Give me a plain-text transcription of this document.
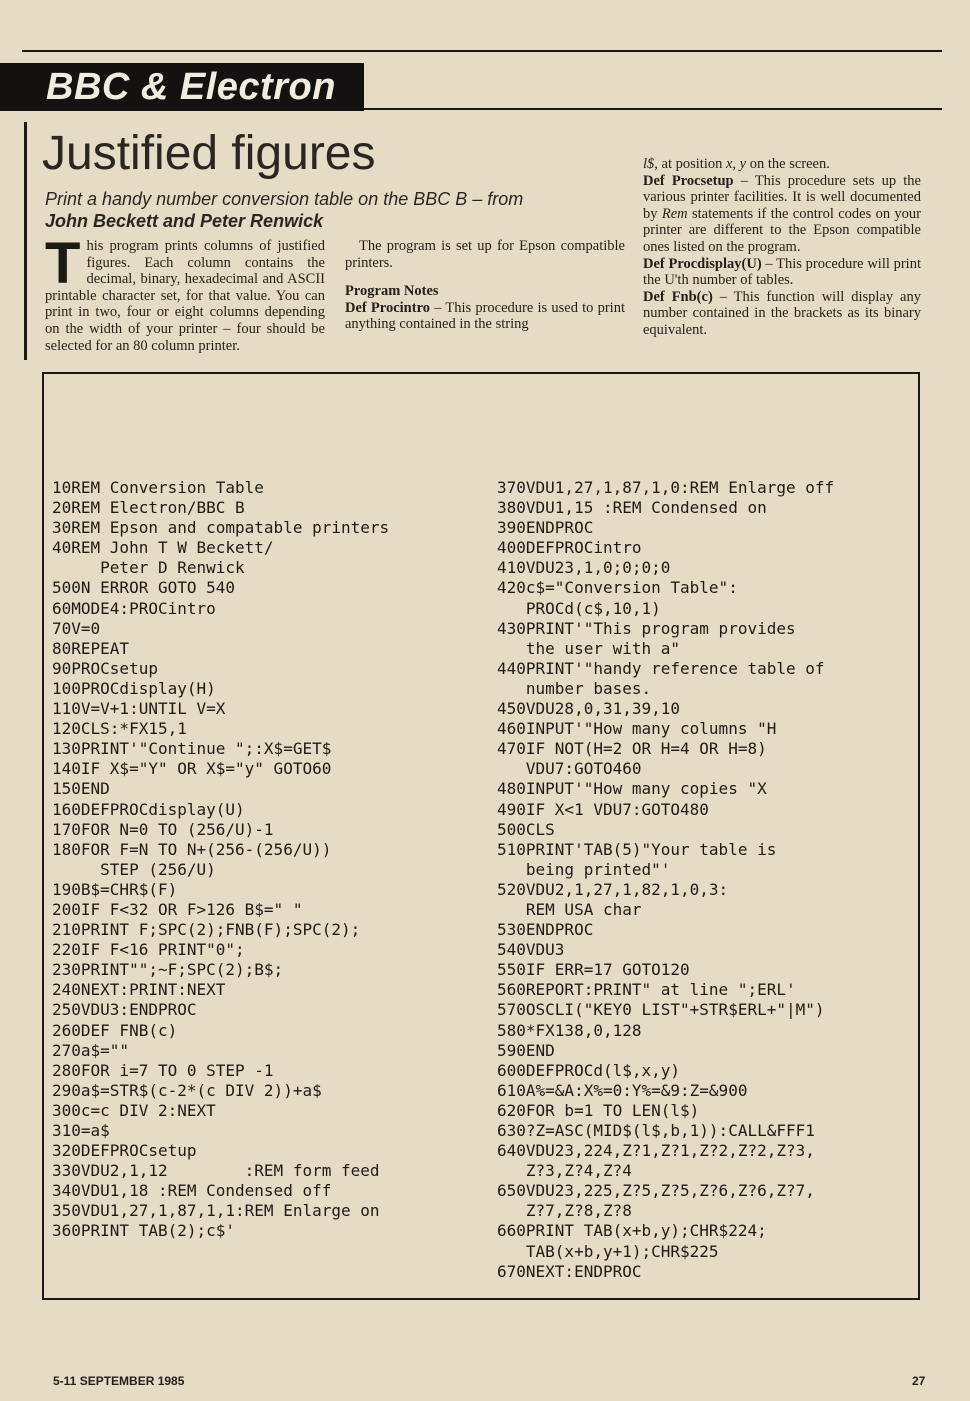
BBC & Electron
Justified figures
Print a handy number conversion table on the BBC B – from
John Beckett and Peter Renwick

This program prints columns of justified figures. Each column contains the decimal, binary, hexadecimal and ASCII printable character set, for that value. You can print in two, four or eight columns depending on the width of your printer – four should be selected for an 80 column printer.

The program is set up for Epson compatible printers.

Program Notes

Def Procintro – This procedure is used to print anything contained in the string

l$, at position x, y on the screen.

Def Procsetup – This procedure sets up the various printer facilities. It is well documented by Rem statements if the control codes on your printer are different to the Epson compatible ones listed on the program.

Def Procdisplay(U) – This procedure will print the U'th number of tables.

Def Fnb(c) – This function will display any number contained in the brackets as its binary equivalent.

10REM Conversion Table
20REM Electron/BBC B
30REM Epson and compatable printers
40REM John T W Beckett/
Peter D Renwick
500N ERROR GOTO 540
60MODE4:PROCintro
70V=0
80REPEAT
90PROCsetup
100PROCdisplay(H)
110V=V+1:UNTIL V=X
120CLS:*FX15,1
130PRINT'"Continue ";:X$=GET$
140IF X$="Y" OR X$="y" GOTO60
150END
160DEFPROCdisplay(U)
170FOR N=0 TO (256/U)-1
180FOR F=N TO N+(256-(256/U))
STEP (256/U)
190B$=CHR$(F)
200IF F<32 OR F>126 B$=" "
210PRINT F;SPC(2);FNB(F);SPC(2);
220IF F<16 PRINT"0";
230PRINT"";~F;SPC(2);B$;
240NEXT:PRINT:NEXT
250VDU3:ENDPROC
260DEF FNB(c)
270a$=""
280FOR i=7 TO 0 STEP -1
290a$=STR$(c-2*(c DIV 2))+a$
300c=c DIV 2:NEXT
310=a$
320DEFPROCsetup
330VDU2,1,12        :REM form feed
340VDU1,18 :REM Condensed off
350VDU1,27,1,87,1,1:REM Enlarge on
360PRINT TAB(2);c$'
370VDU1,27,1,87,1,0:REM Enlarge off
380VDU1,15 :REM Condensed on
390ENDPROC
400DEFPROCintro
410VDU23,1,0;0;0;0
420c$="Conversion Table":
PROCd(c$,10,1)
430PRINT'"This program provides
the user with a"
440PRINT'"handy reference table of
number bases.
450VDU28,0,31,39,10
460INPUT'"How many columns "H
470IF NOT(H=2 OR H=4 OR H=8)
VDU7:GOTO460
480INPUT'"How many copies "X
490IF X<1 VDU7:GOTO480
500CLS
510PRINT'TAB(5)"Your table is
being printed"'
520VDU2,1,27,1,82,1,0,3:
REM USA char
530ENDPROC
540VDU3
550IF ERR=17 GOTO120
560REPORT:PRINT" at line ";ERL'
570OSCLI("KEY0 LIST"+STR$ERL+"|M")
580*FX138,0,128
590END
600DEFPROCd(l$,x,y)
610A%=&A:X%=0:Y%=&9:Z=&900
620FOR b=1 TO LEN(l$)
630?Z=ASC(MID$(l$,b,1)):CALL&FFF1
640VDU23,224,Z?1,Z?1,Z?2,Z?2,Z?3,
Z?3,Z?4,Z?4
650VDU23,225,Z?5,Z?5,Z?6,Z?6,Z?7,
Z?7,Z?8,Z?8
660PRINT TAB(x+b,y);CHR$224;
TAB(x+b,y+1);CHR$225
670NEXT:ENDPROC
5-11 SEPTEMBER 1985	27
